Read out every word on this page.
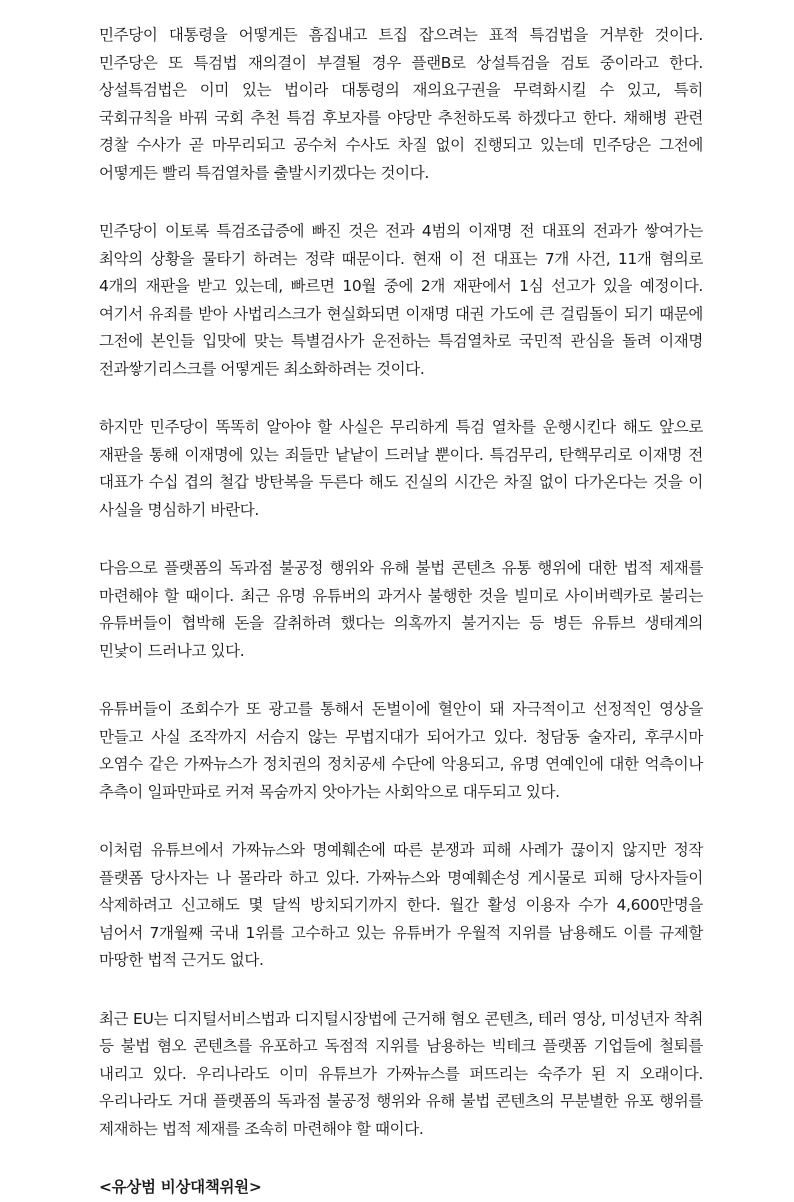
민주당이 대통령을 어떻게든 흠집내고 트집 잡으려는 표적 특검법을 거부한 것이다. 민주당은 또 특검법 재의결이 부결될 경우 플랜B로 상설특검을 검토 중이라고 한다. 상설특검법은 이미 있는 법이라 대통령의 재의요구권을 무력화시킬 수 있고, 특히 국회규칙을 바꿔 국회 추천 특검 후보자를 야당만 추천하도록 하겠다고 한다. 채해병 관련 경찰 수사가 곧 마무리되고 공수처 수사도 차질 없이 진행되고 있는데 민주당은 그전에 어떻게든 빨리 특검열차를 출발시키겠다는 것이다.

민주당이 이토록 특검조급증에 빠진 것은 전과 4범의 이재명 전 대표의 전과가 쌓여가는 최악의 상황을 물타기 하려는 정략 때문이다. 현재 이 전 대표는 7개 사건, 11개 혐의로 4개의 재판을 받고 있는데, 빠르면 10월 중에 2개 재판에서 1심 선고가 있을 예정이다. 여기서 유죄를 받아 사법리스크가 현실화되면 이재명 대권 가도에 큰 걸림돌이 되기 때문에 그전에 본인들 입맛에 맞는 특별검사가 운전하는 특검열차로 국민적 관심을 돌려 이재명 전과쌓기리스크를 어떻게든 최소화하려는 것이다.

하지만 민주당이 똑똑히 알아야 할 사실은 무리하게 특검 열차를 운행시킨다 해도 앞으로 재판을 통해 이재명에 있는 죄들만 낱낱이 드러날 뿐이다. 특검무리, 탄핵무리로 이재명 전 대표가 수십 겹의 철갑 방탄복을 두른다 해도 진실의 시간은 차질 없이 다가온다는 것을 이 사실을 명심하기 바란다.

다음으로 플랫폼의 독과점 불공정 행위와 유해 불법 콘텐츠 유통 행위에 대한 법적 제재를 마련해야 할 때이다. 최근 유명 유튜버의 과거사 불행한 것을 빌미로 사이버렉카로 불리는 유튜버들이 협박해 돈을 갈취하려 했다는 의혹까지 불거지는 등 병든 유튜브 생태계의 민낯이 드러나고 있다.

유튜버들이 조회수가 또 광고를 통해서 돈벌이에 혈안이 돼 자극적이고 선정적인 영상을 만들고 사실 조작까지 서슴지 않는 무법지대가 되어가고 있다. 청담동 술자리, 후쿠시마 오염수 같은 가짜뉴스가 정치권의 정치공세 수단에 악용되고, 유명 연예인에 대한 억측이나 추측이 일파만파로 커져 목숨까지 앗아가는 사회악으로 대두되고 있다.

이처럼 유튜브에서 가짜뉴스와 명예훼손에 따른 분쟁과 피해 사례가 끊이지 않지만 정작 플랫폼 당사자는 나 몰라라 하고 있다. 가짜뉴스와 명예훼손성 게시물로 피해 당사자들이 삭제하려고 신고해도 몇 달씩 방치되기까지 한다. 월간 활성 이용자 수가 4,600만명을 넘어서 7개월째 국내 1위를 고수하고 있는 유튜버가 우월적 지위를 남용해도 이를 규제할 마땅한 법적 근거도 없다.

최근 EU는 디지털서비스법과 디지털시장법에 근거해 혐오 콘텐츠, 테러 영상, 미성년자 착취 등 불법 혐오 콘텐츠를 유포하고 독점적 지위를 남용하는 빅테크 플랫폼 기업들에 철퇴를 내리고 있다. 우리나라도 이미 유튜브가 가짜뉴스를 퍼뜨리는 숙주가 된 지 오래이다. 우리나라도 거대 플랫폼의 독과점 불공정 행위와 유해 불법 콘텐츠의 무분별한 유포 행위를 제재하는 법적 제재를 조속히 마련해야 할 때이다.

<유상범 비상대책위원>
